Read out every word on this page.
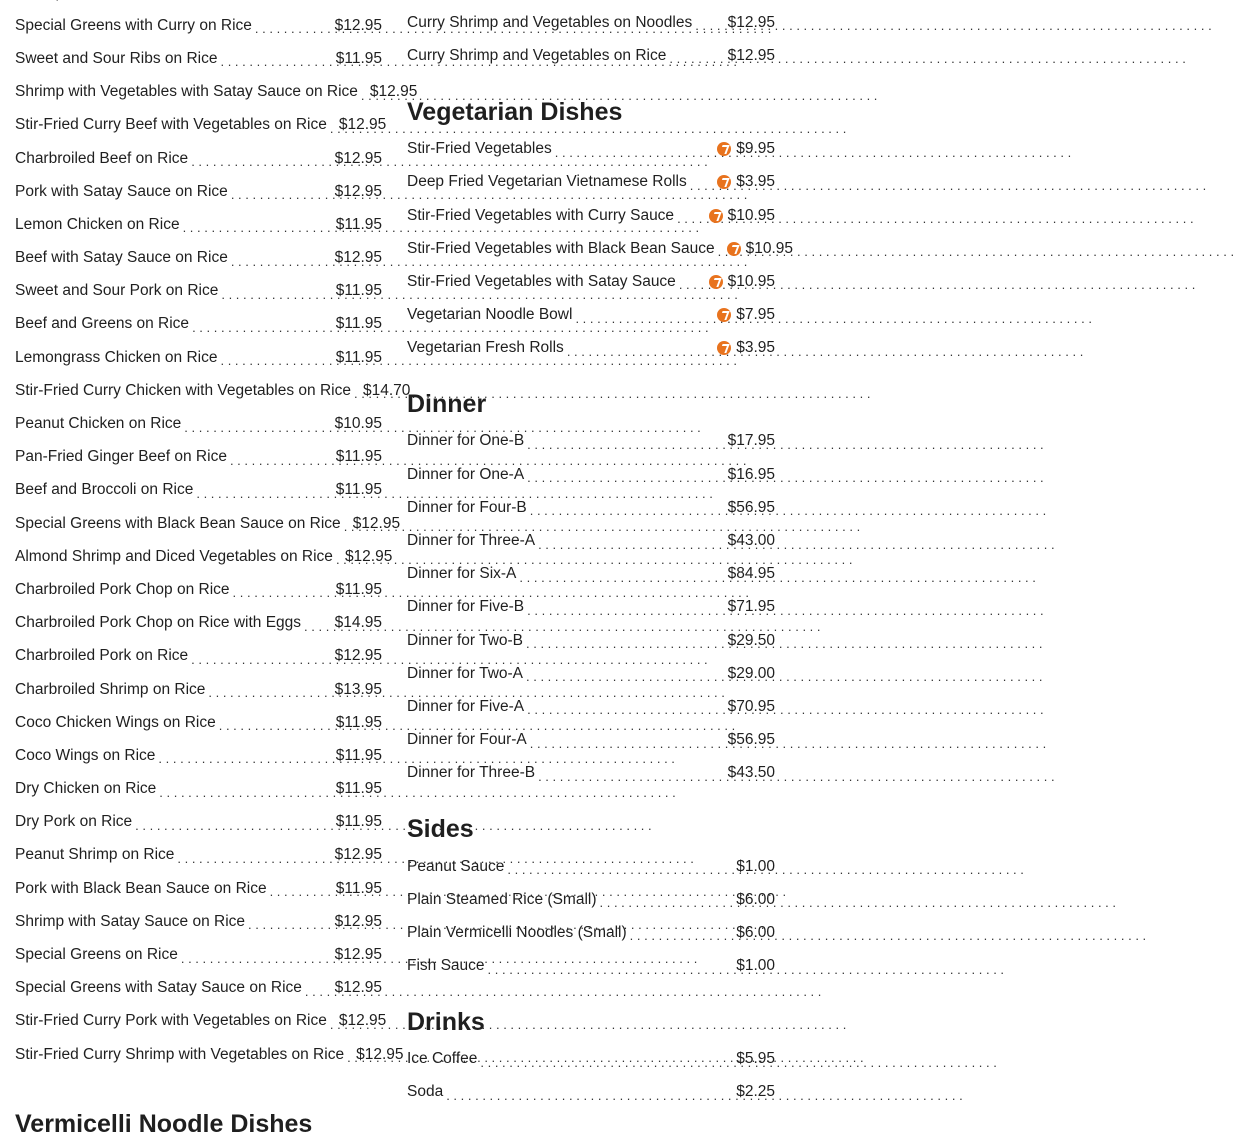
. . .
Special Greens with Curry on Rice . . .	$12.95
Sweet and Sour Ribs on Rice . . .	$11.95
Shrimp with Vegetables with Satay Sauce on Rice . . . $12.95
Stir-Fried Curry Beef with Vegetables on Rice . . . $12.95
Charbroiled Beef on Rice . . .	$12.95
Pork with Satay Sauce on Rice . . .	$12.95
Lemon Chicken on Rice . . .	$11.95
Beef with Satay Sauce on Rice . . .	$12.95
Sweet and Sour Pork on Rice . . .	$11.95
Beef and Greens on Rice . . .	$11.95
Lemongrass Chicken on Rice . . .	$11.95
Stir-Fried Curry Chicken with Vegetables on Rice . . . $14.70
Peanut Chicken on Rice . . .	$10.95
Pan-Fried Ginger Beef on Rice . . .	$11.95
Beef and Broccoli on Rice . . .	$11.95
Special Greens with Black Bean Sauce on Rice . . . $12.95
Almond Shrimp and Diced Vegetables on Rice . . . $12.95
Charbroiled Pork Chop on Rice . . .	$11.95
Charbroiled Pork Chop on Rice with Eggs . . . $14.95
Charbroiled Pork on Rice . . .	$12.95
Charbroiled Shrimp on Rice . . .	$13.95
Coco Chicken Wings on Rice . . .	$11.95
Coco Wings on Rice . . .	$11.95
Dry Chicken on Rice . . .	$11.95
Dry Pork on Rice . . .	$11.95
Peanut Shrimp on Rice . . .	$12.95
Pork with Black Bean Sauce on Rice . . .	$11.95
Shrimp with Satay Sauce on Rice . . .	$12.95
Special Greens on Rice . . .	$12.95
Special Greens with Satay Sauce on Rice . . . $12.95
Stir-Fried Curry Pork with Vegetables on Rice . . . $12.95
Stir-Fried Curry Shrimp with Vegetables on Rice . . . $12.95
Vermicelli Noodle Dishes
Curry Shrimp and Vegetables on Noodles . . . $12.95
Curry Shrimp and Vegetables on Rice . . .	$12.95
Vegetarian Dishes
Stir-Fried Vegetables . . .	$9.95
Deep Fried Vegetarian Vietnamese Rolls . . .	$3.95
Stir-Fried Vegetables with Curry Sauce . . .	$10.95
Stir-Fried Vegetables with Black Bean Sauce . . . $10.95
Stir-Fried Vegetables with Satay Sauce . . .	$10.95
Vegetarian Noodle Bowl . . .	$7.95
Vegetarian Fresh Rolls . . .	$3.95
Dinner
Dinner for One-B . . .	$17.95
Dinner for One-A . . .	$16.95
Dinner for Four-B . . .	$56.95
Dinner for Three-A . . .	$43.00
Dinner for Six-A . . .	$84.95
Dinner for Five-B . . .	$71.95
Dinner for Two-B . . .	$29.50
Dinner for Two-A . . .	$29.00
Dinner for Five-A . . .	$70.95
Dinner for Four-A . . .	$56.95
Dinner for Three-B . . .	$43.50
Sides
Peanut Sauce . . .	$1.00
Plain Steamed Rice (Small) . . .	$6.00
Plain Vermicelli Noodles (Small) . . .	$6.00
Fish Sauce . . .	$1.00
Drinks
Ice Coffee . . .	$5.95
Soda . . .	$2.25
